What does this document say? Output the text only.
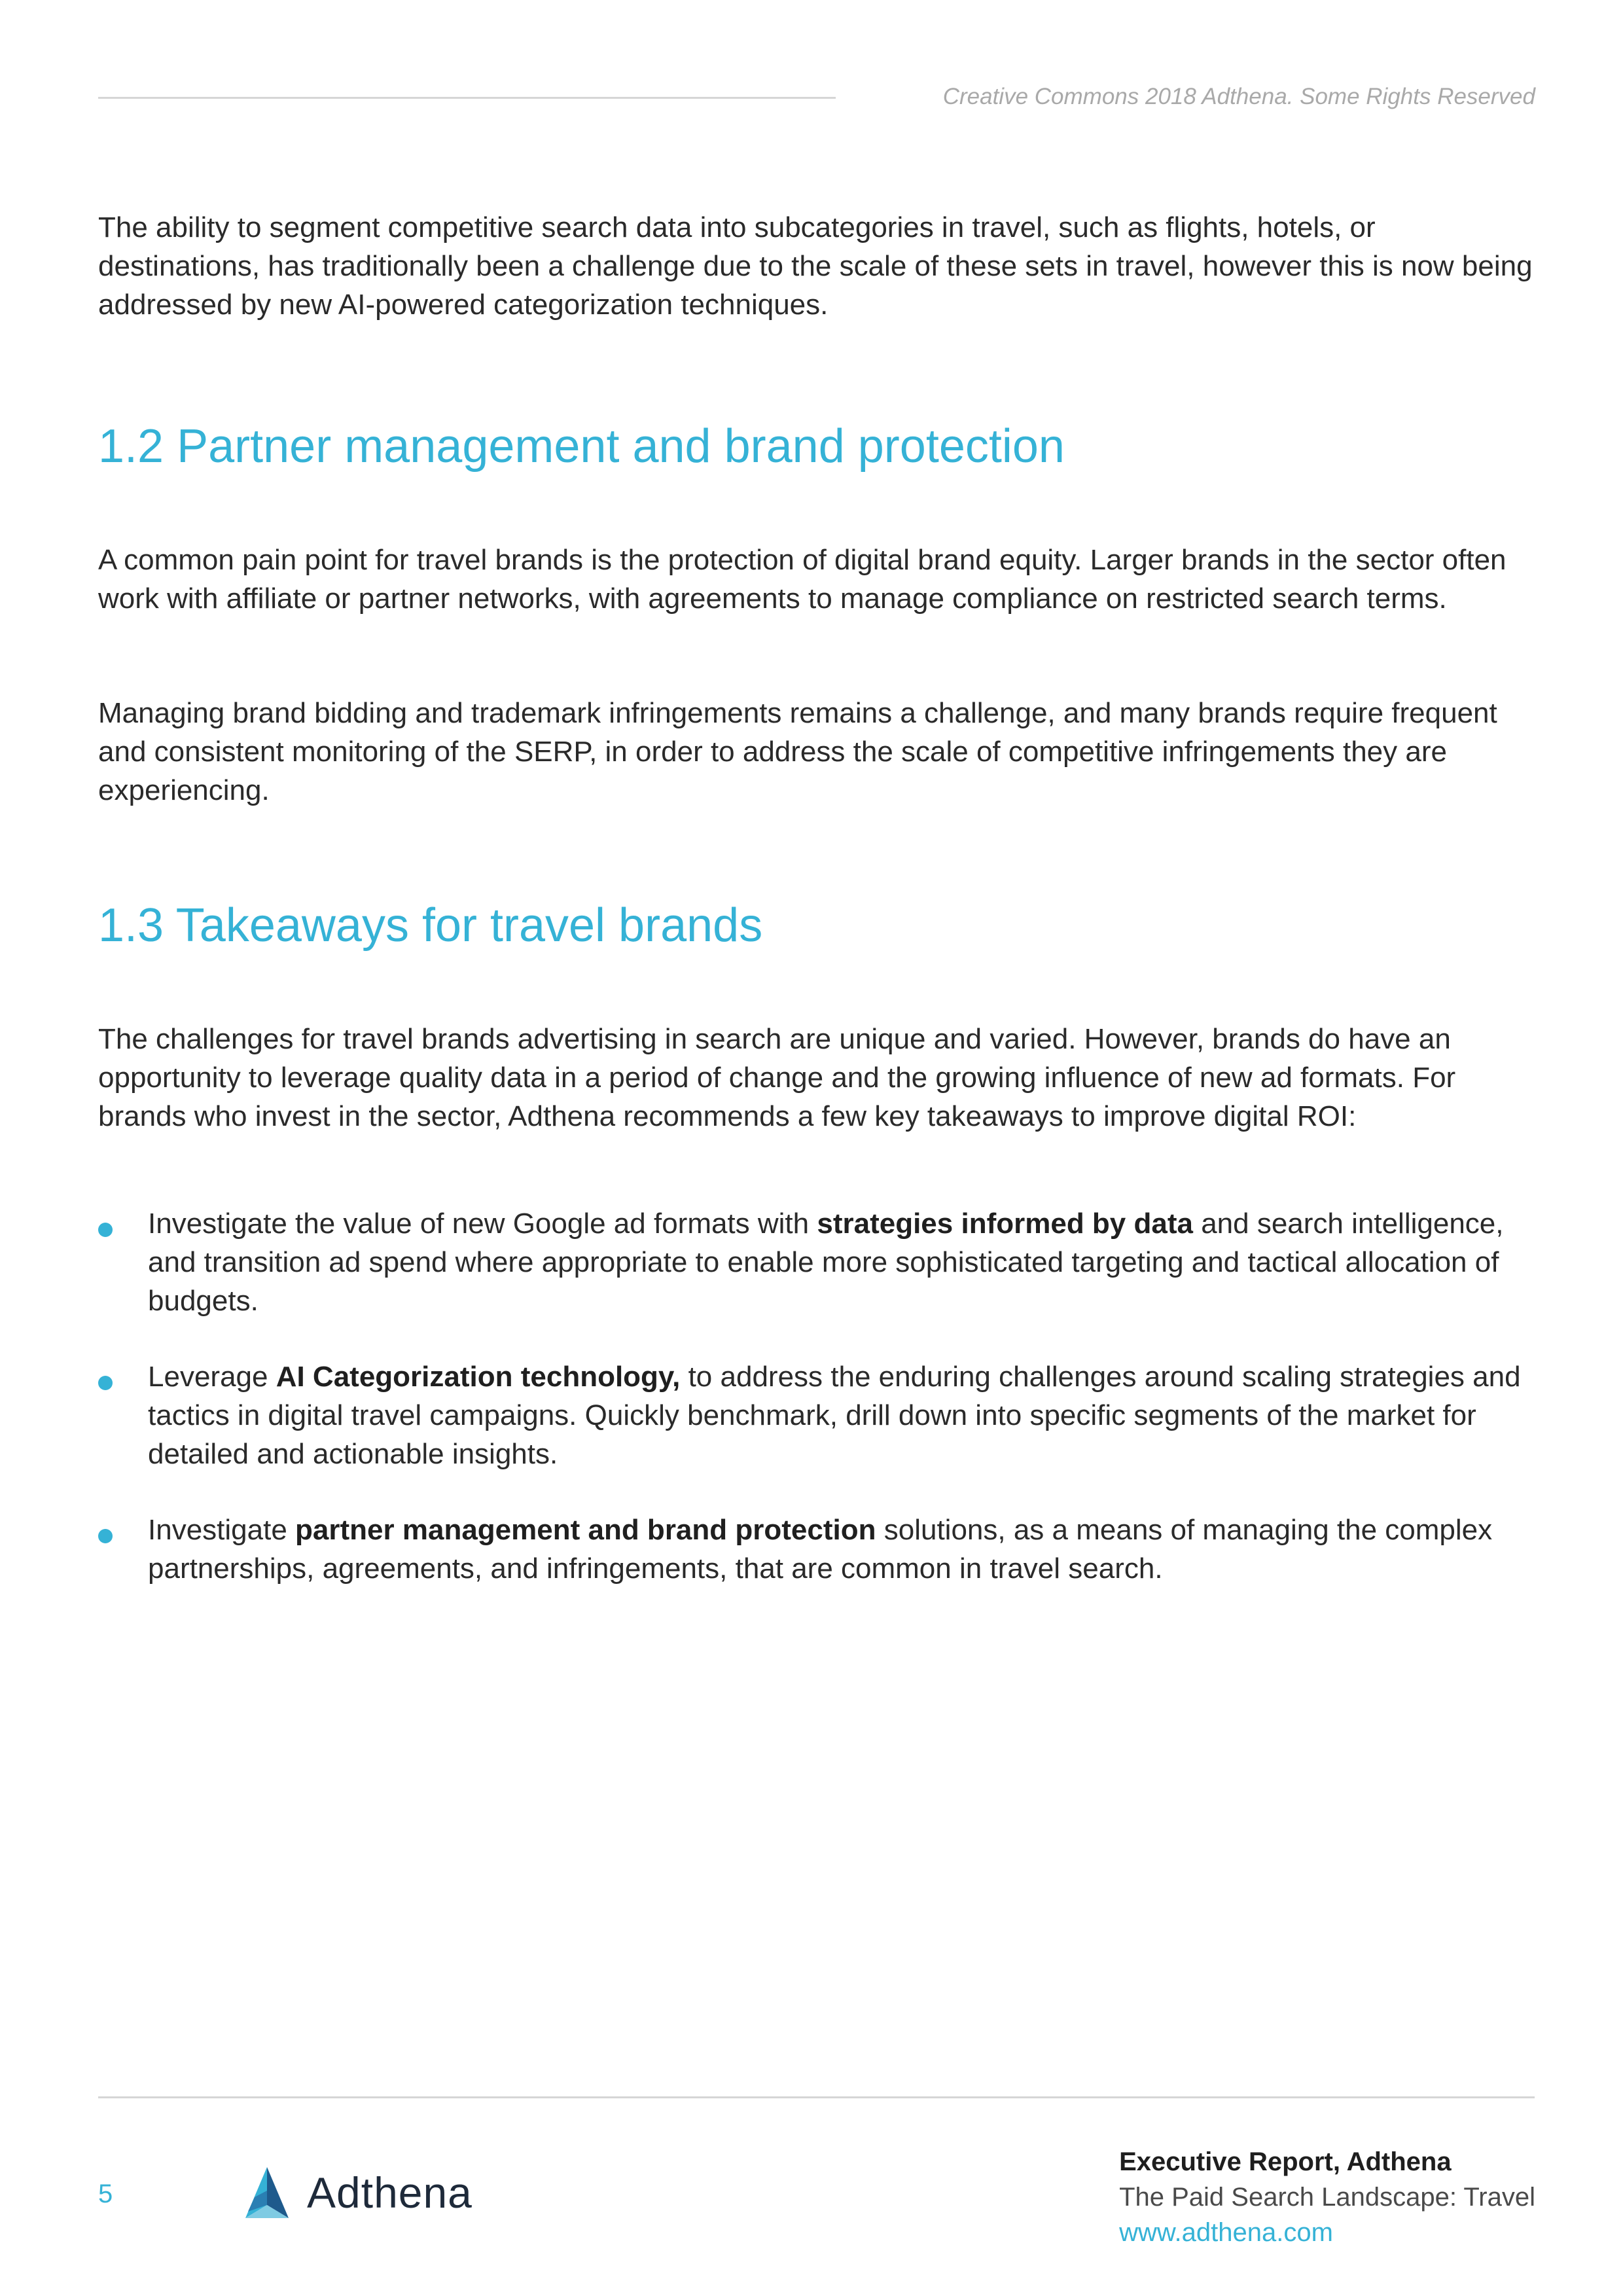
Creative Commons 2018 Adthena. Some Rights Reserved

The ability to segment competitive search data into subcategories in travel, such as flights, hotels, or destinations, has traditionally been a challenge due to the scale of these sets in travel, however this is now being addressed by new AI-powered categorization techniques.

1.2 Partner management and brand protection

A common pain point for travel brands is the protection of digital brand equity. Larger brands in the sector often work with affiliate or partner networks, with agreements to manage compliance on restricted search terms.

Managing brand bidding and trademark infringements remains a challenge, and many brands require frequent and consistent monitoring of the SERP, in order to address the scale of competitive infringements they are experiencing.

1.3 Takeaways for travel brands

The challenges for travel brands advertising in search are unique and varied. However, brands do have an opportunity to leverage quality data in a period of change and the growing influence of new ad formats. For brands who invest in the sector, Adthena recommends a few key takeaways to improve digital ROI:

Investigate the value of new Google ad formats with strategies informed by data and search intelligence, and transition ad spend where appropriate to enable more sophisticated targeting and tactical allocation of budgets.
Leverage AI Categorization technology, to address the enduring challenges around scaling strategies and tactics in digital travel campaigns. Quickly benchmark, drill down into specific segments of the market for detailed and actionable insights.
Investigate partner management and brand protection solutions, as a means of managing the complex partnerships, agreements, and infringements, that are common in travel search.
5	Adthena
Executive Report, Adthena
The Paid Search Landscape: Travel
www.adthena.com
